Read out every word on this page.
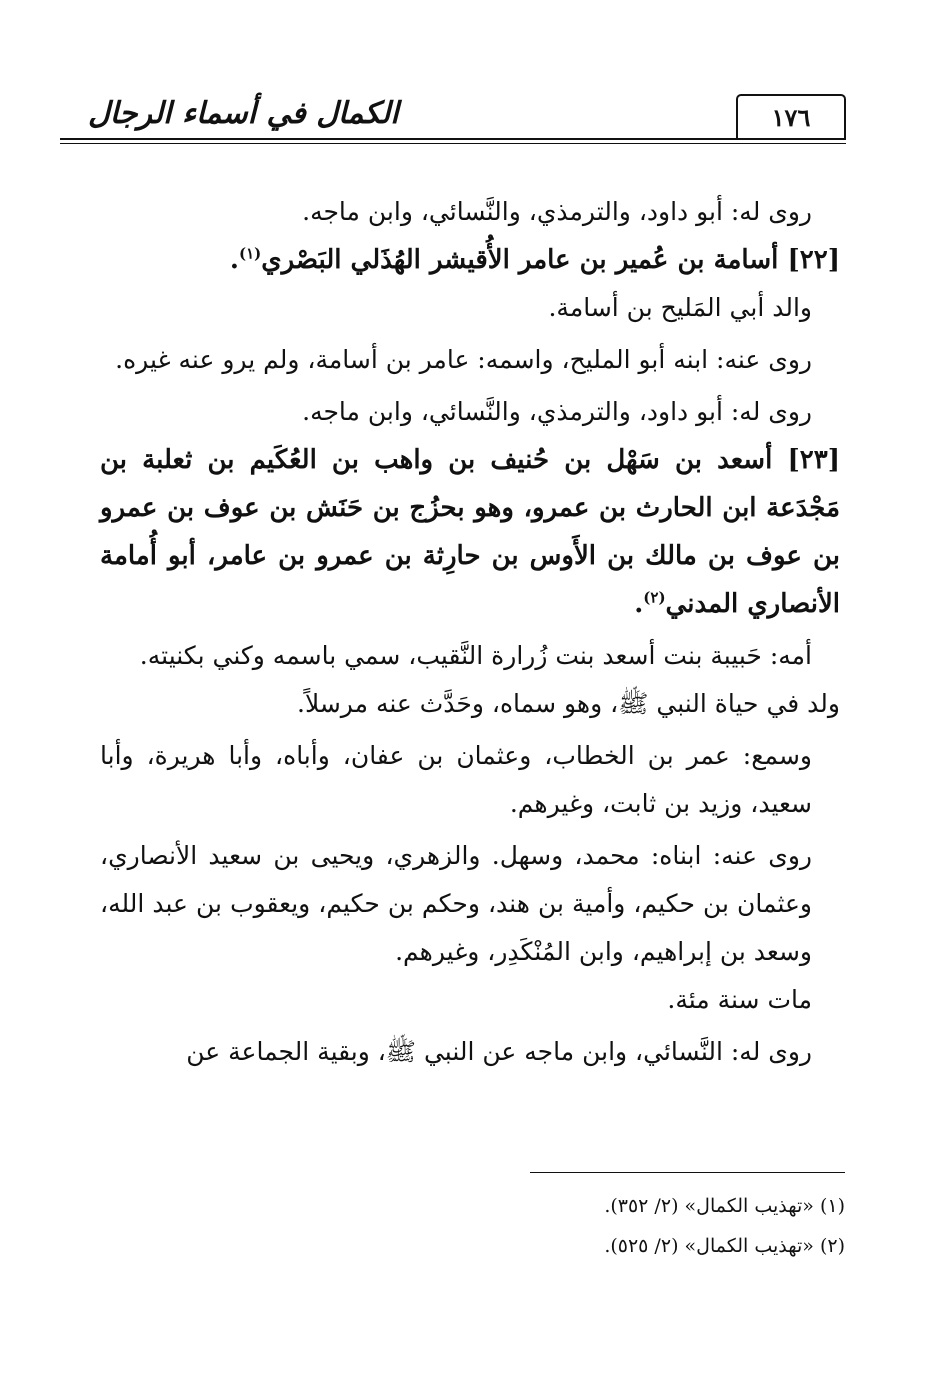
١٧٦
الكمال في أسماء الرجال

روى له: أبو داود، والترمذي، والنَّسائي، وابن ماجه.

[٢٢] أسامة بن عُمير بن عامر الأُقيشر الهُذَلي البَصْري$^{(١)}$.

والد أبي المَليح بن أسامة.

روى عنه: ابنه أبو المليح، واسمه: عامر بن أسامة، ولم يرو عنه غيره.

روى له: أبو داود، والترمذي، والنَّسائي، وابن ماجه.

[٢٣] أسعد بن سَهْل بن حُنيف بن واهب بن العُكَيم بن ثعلبة بن مَجْدَعة ابن الحارث بن عمرو، وهو بحزُج بن حَنَش بن عوف بن عمرو بن عوف بن مالك بن الأَوس بن حارِثة بن عمرو بن عامر، أبو أُمامة الأنصاري المدني$^{(٢)}$.

أمه: حَبيبة بنت أسعد بنت زُرارة النَّقيب، سمي باسمه وكني بكنيته.

ولد في حياة النبي ﷺ، وهو سماه، وحَدَّث عنه مرسلاً.

وسمع: عمر بن الخطاب، وعثمان بن عفان، وأباه، وأبا هريرة، وأبا سعيد، وزيد بن ثابت، وغيرهم.

روى عنه: ابناه: محمد، وسهل. والزهري، ويحيى بن سعيد الأنصاري، وعثمان بن حكيم، وأمية بن هند، وحكم بن حكيم، ويعقوب بن عبد الله، وسعد بن إبراهيم، وابن المُنْكَدِر، وغيرهم.

مات سنة مئة.

روى له: النَّسائي، وابن ماجه عن النبي ﷺ، وبقية الجماعة عن

(١) «تهذيب الكمال» (٢/ ٣٥٢).

(٢) «تهذيب الكمال» (٢/ ٥٢٥).
